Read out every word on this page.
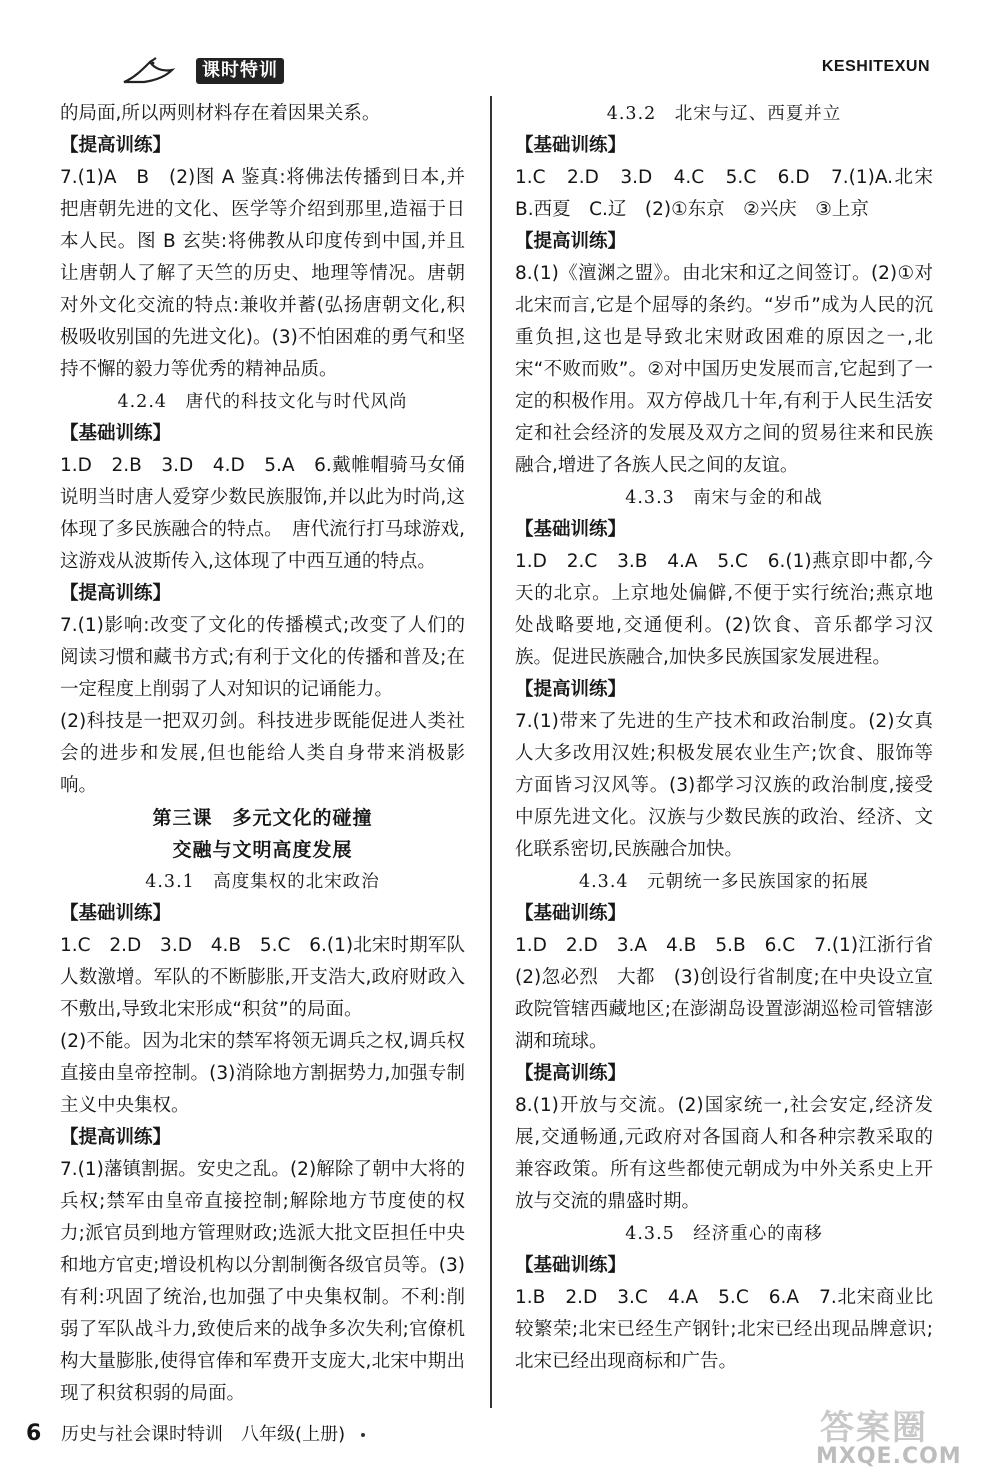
课时特训	KESHITEXUN
的局面,所以两则材料存在着因果关系。
【提高训练】
7.(1)A　B　(2)图 A 鉴真:将佛法传播到日本,并把唐朝先进的文化、医学等介绍到那里,造福于日本人民。图 B 玄奘:将佛教从印度传到中国,并且让唐朝人了解了天竺的历史、地理等情况。唐朝对外文化交流的特点:兼收并蓄(弘扬唐朝文化,积极吸收别国的先进文化)。(3)不怕困难的勇气和坚持不懈的毅力等优秀的精神品质。
4.2.4　唐代的科技文化与时代风尚
【基础训练】
1.D　2.B　3.D　4.D　5.A　6.戴帷帽骑马女俑说明当时唐人爱穿少数民族服饰,并以此为时尚,这体现了多民族融合的特点。　唐代流行打马球游戏,这游戏从波斯传入,这体现了中西互通的特点。
【提高训练】
7.(1)影响:改变了文化的传播模式;改变了人们的阅读习惯和藏书方式;有利于文化的传播和普及;在一定程度上削弱了人对知识的记诵能力。
(2)科技是一把双刃剑。科技进步既能促进人类社会的进步和发展,但也能给人类自身带来消极影响。
第三课　多元文化的碰撞
交融与文明高度发展
4.3.1　高度集权的北宋政治
【基础训练】
1.C　2.D　3.D　4.B　5.C　6.(1)北宋时期军队人数激增。军队的不断膨胀,开支浩大,政府财政入不敷出,导致北宋形成“积贫”的局面。
(2)不能。因为北宋的禁军将领无调兵之权,调兵权直接由皇帝控制。(3)消除地方割据势力,加强专制主义中央集权。
【提高训练】
7.(1)藩镇割据。安史之乱。(2)解除了朝中大将的兵权;禁军由皇帝直接控制;解除地方节度使的权力;派官员到地方管理财政;选派大批文臣担任中央和地方官吏;增设机构以分割制衡各级官员等。(3)有利:巩固了统治,也加强了中央集权制。不利:削弱了军队战斗力,致使后来的战争多次失利;官僚机构大量膨胀,使得官俸和军费开支庞大,北宋中期出现了积贫积弱的局面。
4.3.2　北宋与辽、西夏并立
【基础训练】
1.C　2.D　3.D　4.C　5.C　6.D　7.(1)A.北宋　B.西夏　C.辽　(2)①东京　②兴庆　③上京
【提高训练】
8.(1)《澶渊之盟》。由北宋和辽之间签订。(2)①对北宋而言,它是个屈辱的条约。“岁币”成为人民的沉重负担,这也是导致北宋财政困难的原因之一,北宋“不败而败”。②对中国历史发展而言,它起到了一定的积极作用。双方停战几十年,有利于人民生活安定和社会经济的发展及双方之间的贸易往来和民族融合,增进了各族人民之间的友谊。
4.3.3　南宋与金的和战
【基础训练】
1.D　2.C　3.B　4.A　5.C　6.(1)燕京即中都,今天的北京。上京地处偏僻,不便于实行统治;燕京地处战略要地,交通便利。(2)饮食、音乐都学习汉族。促进民族融合,加快多民族国家发展进程。
【提高训练】
7.(1)带来了先进的生产技术和政治制度。(2)女真人大多改用汉姓;积极发展农业生产;饮食、服饰等方面皆习汉风等。(3)都学习汉族的政治制度,接受中原先进文化。汉族与少数民族的政治、经济、文化联系密切,民族融合加快。
4.3.4　元朝统一多民族国家的拓展
【基础训练】
1.D　2.D　3.A　4.B　5.B　6.C　7.(1)江浙行省　(2)忽必烈　大都　(3)创设行省制度;在中央设立宣政院管辖西藏地区;在澎湖岛设置澎湖巡检司管辖澎湖和琉球。
【提高训练】
8.(1)开放与交流。(2)国家统一,社会安定,经济发展,交通畅通,元政府对各国商人和各种宗教采取的兼容政策。所有这些都使元朝成为中外关系史上开放与交流的鼎盛时期。
4.3.5　经济重心的南移
【基础训练】
1.B　2.D　3.C　4.A　5.C　6.A　7.北宋商业比较繁荣;北宋已经生产钢针;北宋已经出现品牌意识;北宋已经出现商标和广告。
6 历史与社会课时特训　八年级(上册)	答案圈
MXQE.COM
